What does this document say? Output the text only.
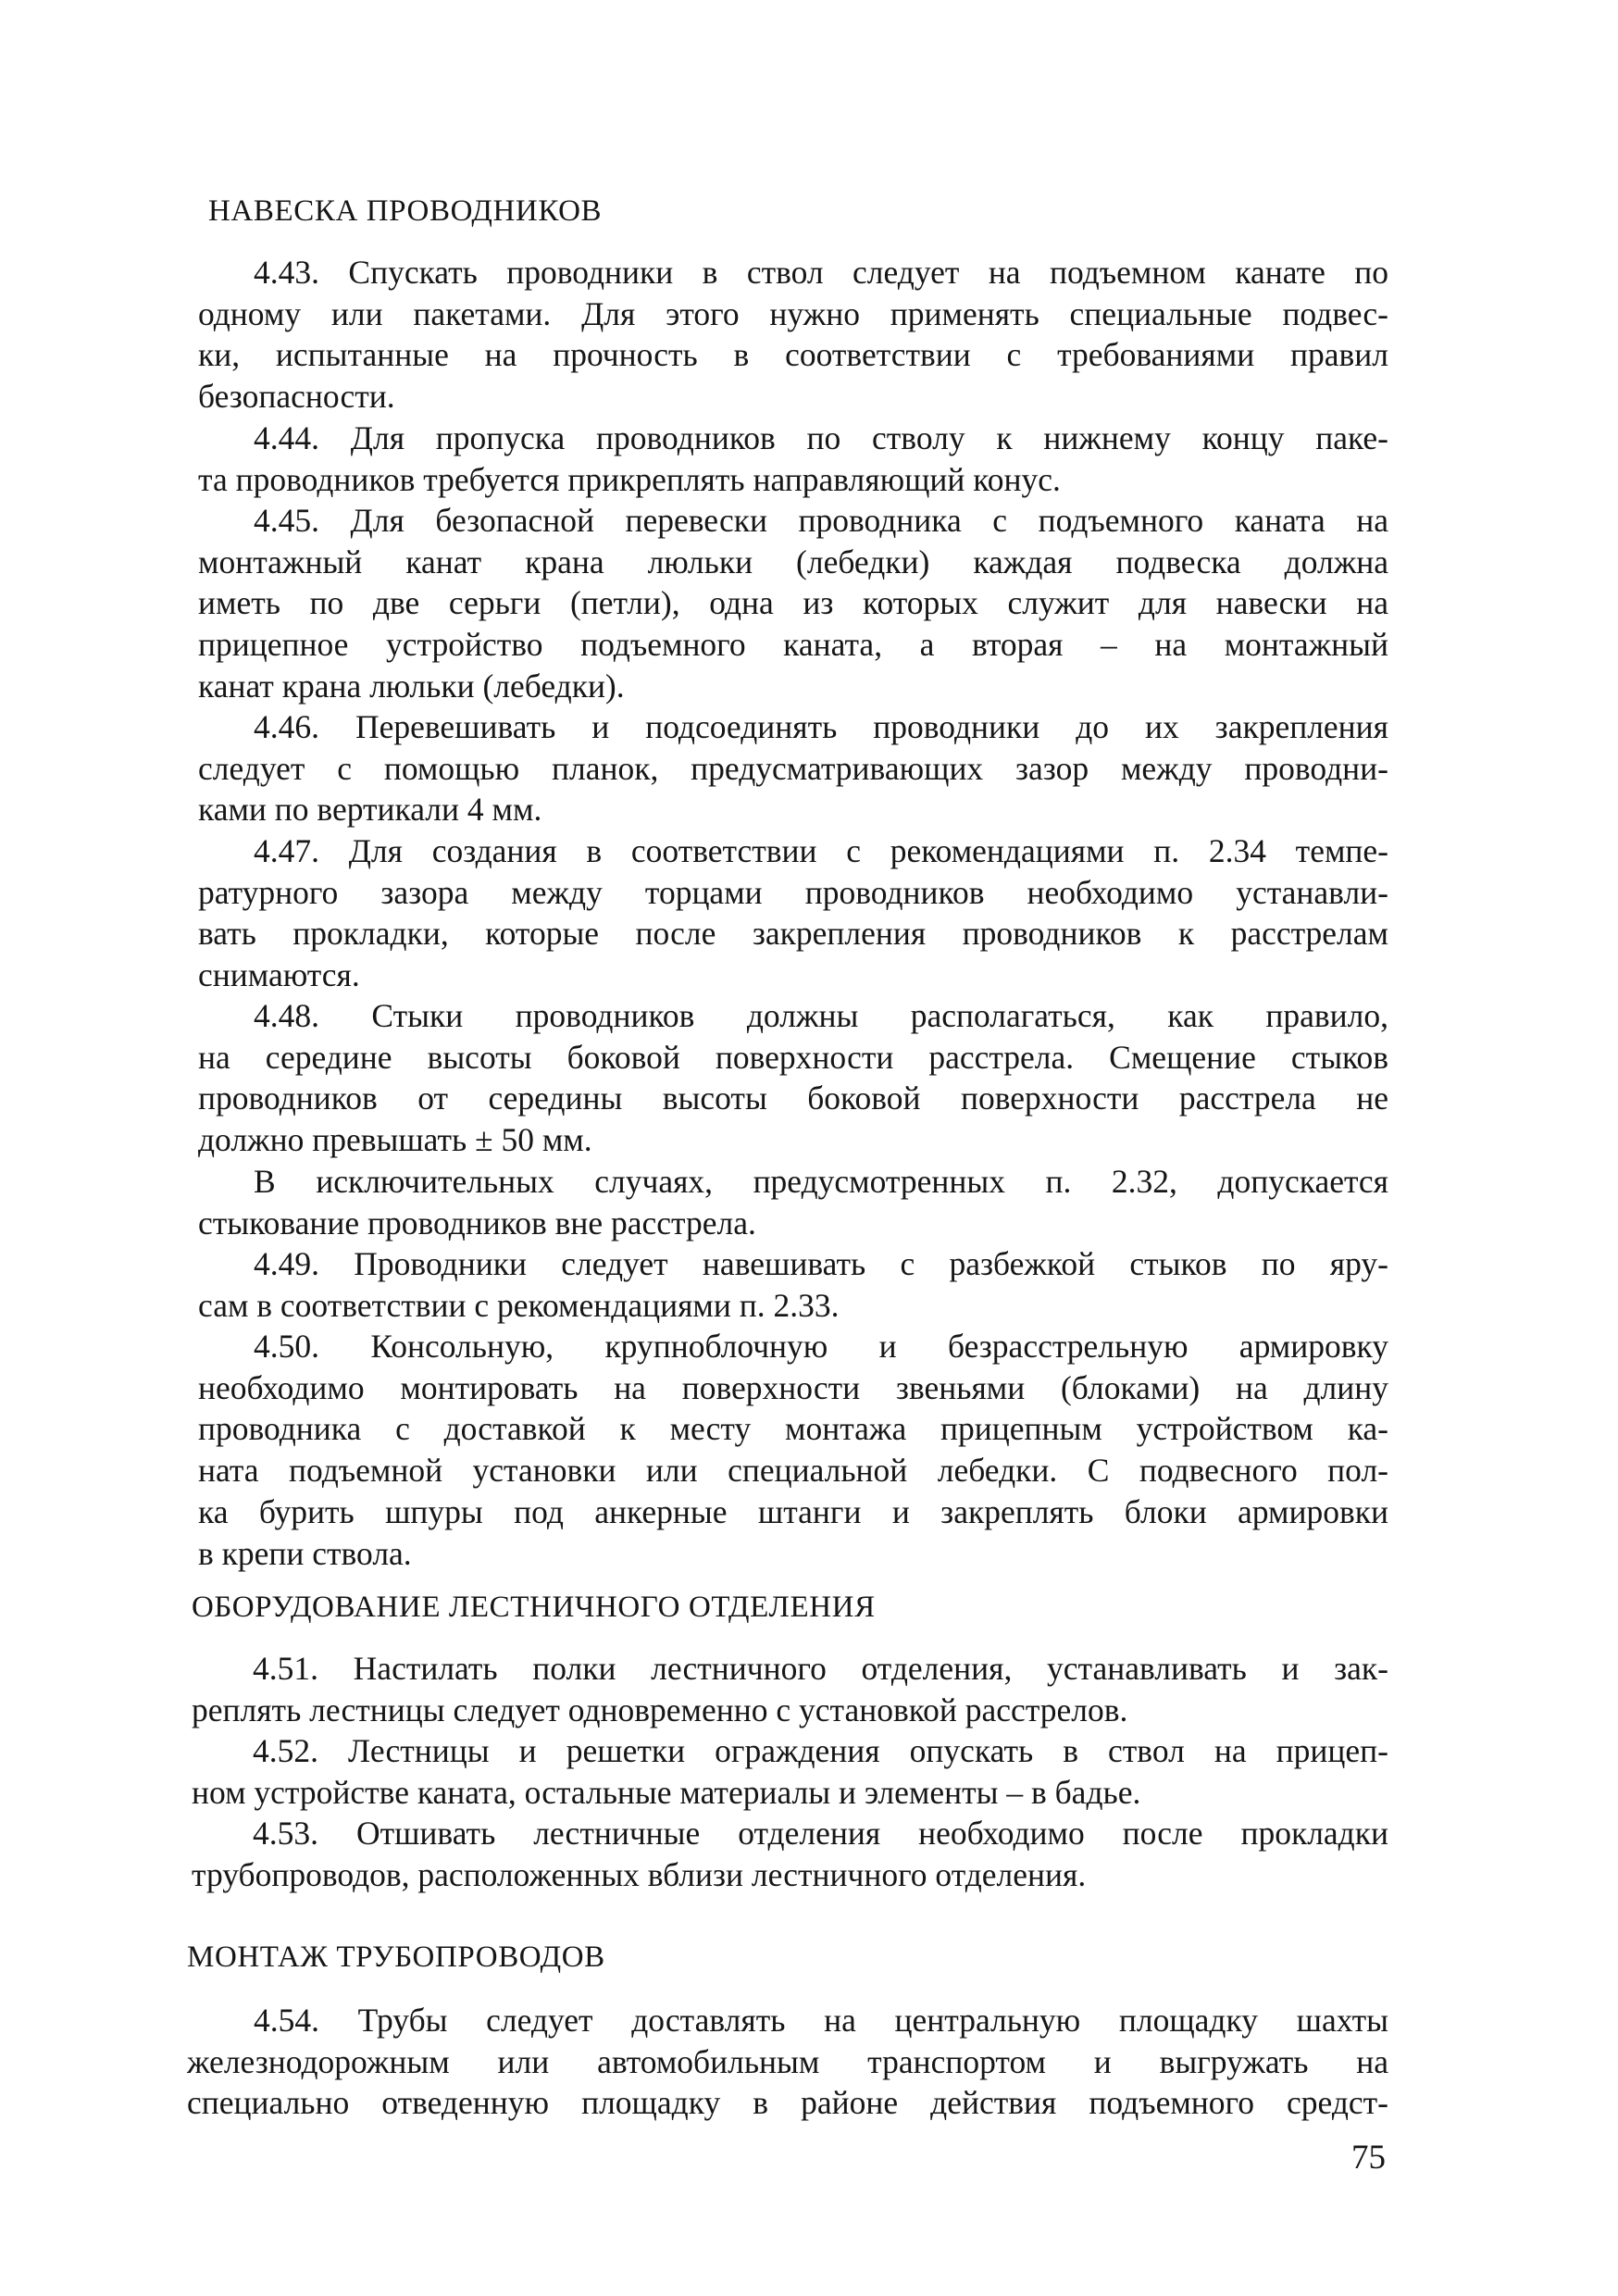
НАВЕСКА ПРОВОДНИКОВ
4.43. Спускать проводники в ствол следует на подъемном канате по
одному или пакетами. Для этого нужно применять специальные подвес-
ки, испытанные на прочность в соответствии с требованиями правил
безопасности.
4.44. Для пропуска проводников по стволу к нижнему концу паке-
та проводников требуется прикреплять направляющий конус.
4.45. Для безопасной перевески проводника с подъемного каната на
монтажный канат крана люльки (лебедки) каждая подвеска должна
иметь по две серьги (петли), одна из которых служит для навески на
прицепное устройство подъемного каната, а вторая – на монтажный
канат крана люльки (лебедки).
4.46. Перевешивать и подсоединять проводники до их закрепления
следует с помощью планок, предусматривающих зазор между проводни-
ками по вертикали 4 мм.
4.47. Для создания в соответствии с рекомендациями п. 2.34 темпе-
ратурного зазора между торцами проводников необходимо устанавли-
вать прокладки, которые после закрепления проводников к расстрелам
снимаются.
4.48. Стыки проводников должны располагаться, как правило,
на середине высоты боковой поверхности расстрела. Смещение стыков
проводников от середины высоты боковой поверхности расстрела не
должно превышать ± 50 мм.
В исключительных случаях, предусмотренных п. 2.32, допускается
стыкование проводников вне расстрела.
4.49. Проводники следует навешивать с разбежкой стыков по яру-
сам в соответствии с рекомендациями п. 2.33.
4.50. Консольную, крупноблочную и безрасстрельную армировку
необходимо монтировать на поверхности звеньями (блоками) на длину
проводника с доставкой к месту монтажа прицепным устройством ка-
ната подъемной установки или специальной лебедки. С подвесного пол-
ка бурить шпуры под анкерные штанги и закреплять блоки армировки
в крепи ствола.
ОБОРУДОВАНИЕ ЛЕСТНИЧНОГО ОТДЕЛЕНИЯ
4.51. Настилать полки лестничного отделения, устанавливать и зак-
реплять лестницы следует одновременно с установкой расстрелов.
4.52. Лестницы и решетки ограждения опускать в ствол на прицеп-
ном устройстве каната, остальные материалы и элементы – в бадье.
4.53. Отшивать лестничные отделения необходимо после прокладки
трубопроводов, расположенных вблизи лестничного отделения.
МОНТАЖ ТРУБОПРОВОДОВ
4.54. Трубы следует доставлять на центральную площадку шахты
железнодорожным или автомобильным транспортом и выгружать на
специально отведенную площадку в районе действия подъемного средст-
75
